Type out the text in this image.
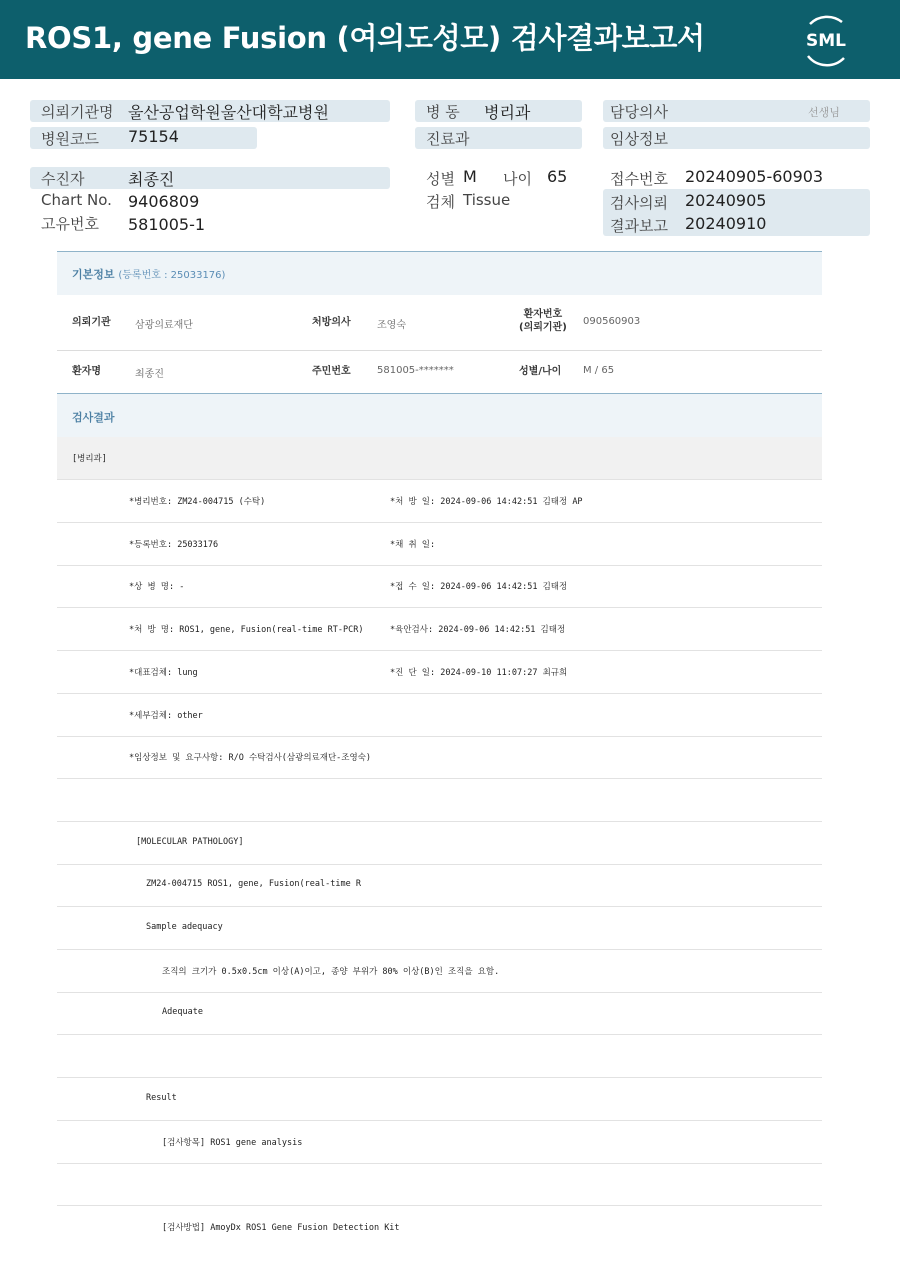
ROS1, gene Fusion (여의도성모) 검사결과보고서	SML
의뢰기관명 울산공업학원울산대학교병원
병원코드 75154
병 동 병리과
진료과
담당의사	선생님
임상정보
수진자	최종진
Chart No. 9406809
고유번호 581005-1
성별 M 나이 65
검체 Tissue
접수번호 20240905-60903
검사의뢰 20240905
결과보고 20240910
기본정보 (등록번호 : 25033176)
의뢰기관 삼광의료재단	처방의사	조영숙
환자번호
(의뢰기관)
090560903
환자명	최종진	주민번호	581005-*******	성별/나이 M / 65
검사결과
[병리과]
*병리번호: ZM24-004715 (수탁)	*처 방 일: 2024-09-06 14:42:51 김태정 AP
*등록번호: 25033176	*채 취 일:
*상 병 명: -	*접 수 일: 2024-09-06 14:42:51 김태정
*처 방 명: ROS1, gene, Fusion(real-time RT-PCR)	*육안검사: 2024-09-06 14:42:51 김태정
*대표검체: lung	*진 단 일: 2024-09-10 11:07:27 최규희
*세부검체: other
*임상정보 및 요구사항: R/O 수탁검사(삼광의료재단-조영숙)
[MOLECULAR PATHOLOGY]
ZM24-004715 ROS1, gene, Fusion(real-time R
Sample adequacy
조직의 크기가 0.5x0.5cm 이상(A)이고, 종양 부위가 80% 이상(B)인 조직을 요함.
Adequate
Result
[검사항목] ROS1 gene analysis
[검사방법] AmoyDx ROS1 Gene Fusion Detection Kit
